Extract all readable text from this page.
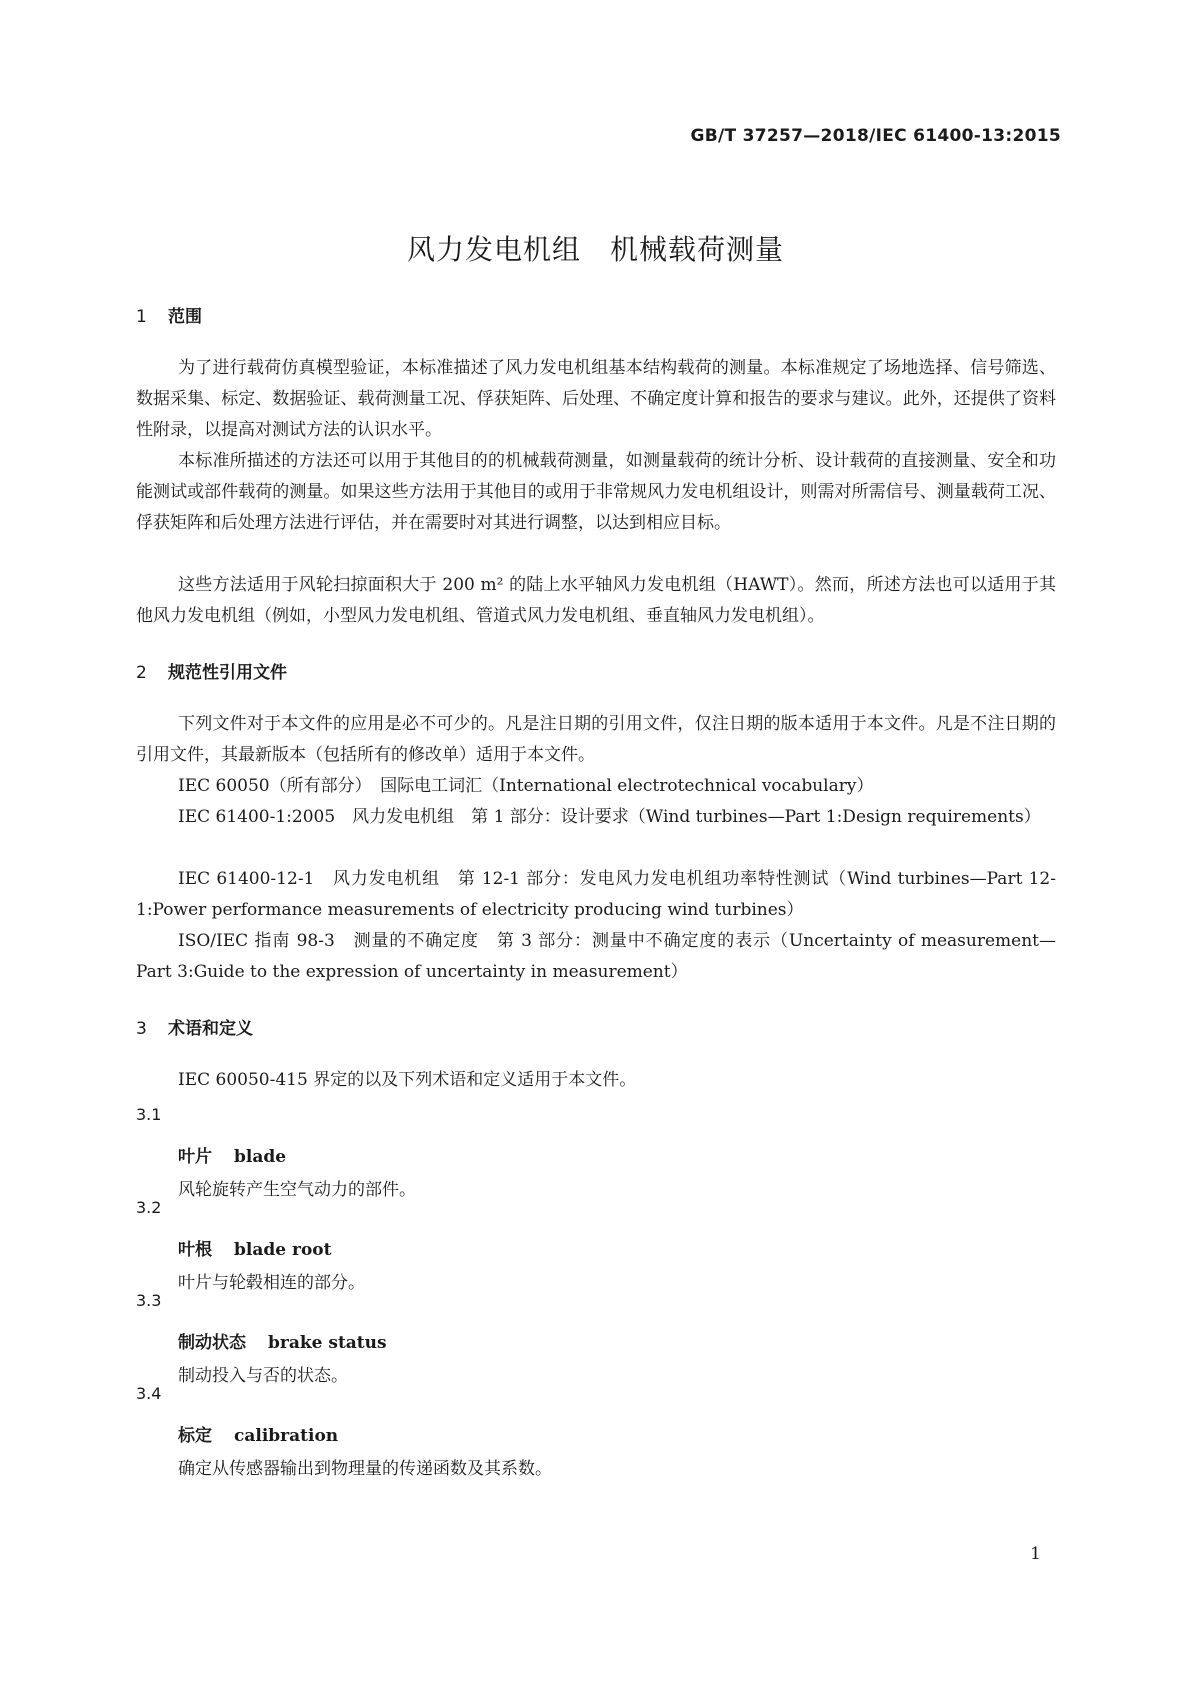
GB/T 37257—2018/IEC 61400-13:2015
风力发电机组　机械载荷测量
1 范围
为了进行载荷仿真模型验证，本标准描述了风力发电机组基本结构载荷的测量。本标准规定了场地选择、信号筛选、数据采集、标定、数据验证、载荷测量工况、俘获矩阵、后处理、不确定度计算和报告的要求与建议。此外，还提供了资料性附录，以提高对测试方法的认识水平。
本标准所描述的方法还可以用于其他目的的机械载荷测量，如测量载荷的统计分析、设计载荷的直接测量、安全和功能测试或部件载荷的测量。如果这些方法用于其他目的或用于非常规风力发电机组设计，则需对所需信号、测量载荷工况、俘获矩阵和后处理方法进行评估，并在需要时对其进行调整，以达到相应目标。
这些方法适用于风轮扫掠面积大于 200 m² 的陆上水平轴风力发电机组（HAWT）。然而，所述方法也可以适用于其他风力发电机组（例如，小型风力发电机组、管道式风力发电机组、垂直轴风力发电机组）。
2 规范性引用文件
下列文件对于本文件的应用是必不可少的。凡是注日期的引用文件，仅注日期的版本适用于本文件。凡是不注日期的引用文件，其最新版本（包括所有的修改单）适用于本文件。
IEC 60050（所有部分）　国际电工词汇（International electrotechnical vocabulary）
IEC 61400-1:2005　风力发电机组　第 1 部分：设计要求（Wind turbines—Part 1:Design requirements）
IEC 61400-12-1　风力发电机组　第 12-1 部分：发电风力发电机组功率特性测试（Wind turbines—Part 12-1:Power performance measurements of electricity producing wind turbines）
ISO/IEC 指南 98-3　测量的不确定度　第 3 部分：测量中不确定度的表示（Uncertainty of measurement—Part 3:Guide to the expression of uncertainty in measurement）
3 术语和定义
IEC 60050-415 界定的以及下列术语和定义适用于本文件。
3.1
叶片 blade
风轮旋转产生空气动力的部件。
3.2
叶根 blade root
叶片与轮毂相连的部分。
3.3
制动状态 brake status
制动投入与否的状态。
3.4
标定 calibration
确定从传感器输出到物理量的传递函数及其系数。
1
